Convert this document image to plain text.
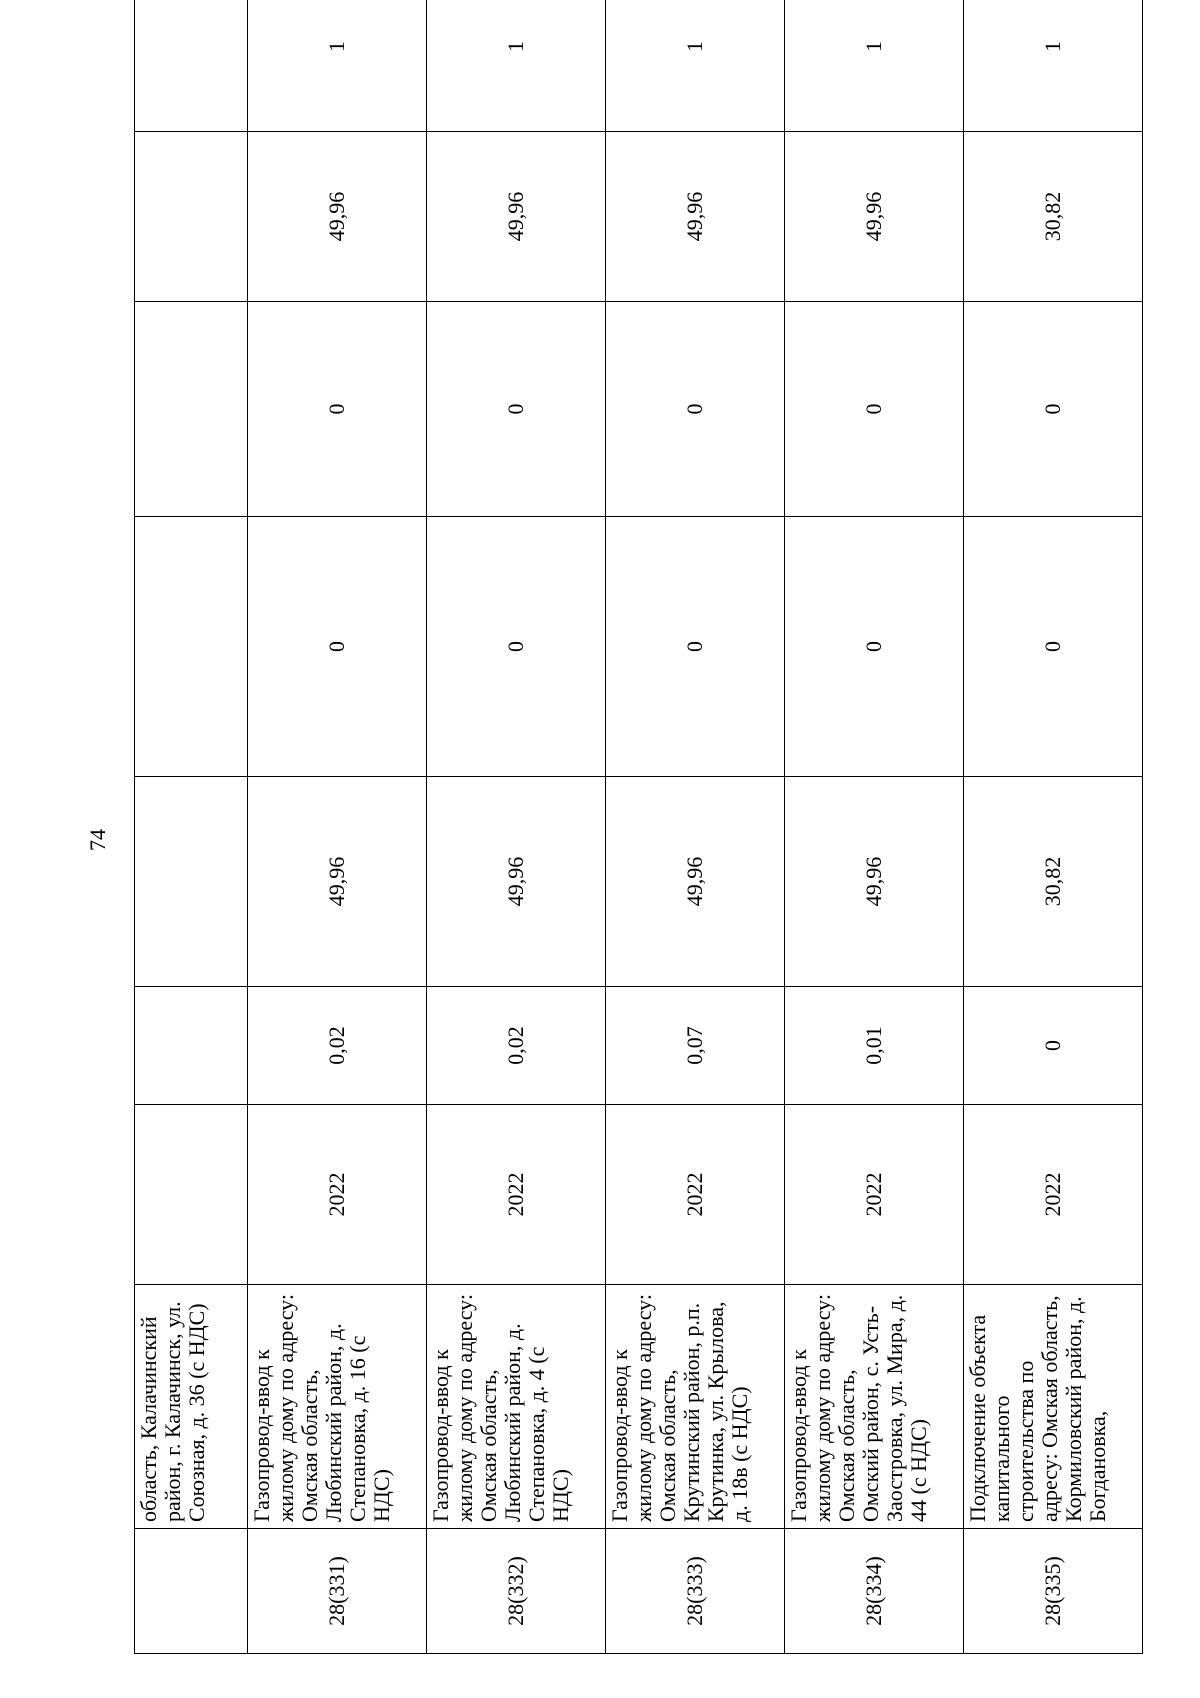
74
	область, Калачинский район, г. Калачинск, ул. Союзная, д. 36 (с НДС)									
28(331)	Газопровод-ввод к жилому дому по адресу: Омская область, Любинский район, д. Степановка, д. 16 (с НДС)	2022	0,02	49,96	0	0	49,96	1		
28(332)	Газопровод-ввод к жилому дому по адресу: Омская область, Любинский район, д. Степановка, д. 4 (с НДС)	2022	0,02	49,96	0	0	49,96	1		
28(333)	Газопровод-ввод к жилому дому по адресу: Омская область, Крутинский район, р.п. Крутинка, ул. Крылова, д. 18в (с НДС)	2022	0,07	49,96	0	0	49,96	1		
28(334)	Газопровод-ввод к жилому дому по адресу: Омская область, Омский район, с. Усть-Заостровка, ул. Мира, д. 44 (с НДС)	2022	0,01	49,96	0	0	49,96	1		
28(335)	Подключение объекта капитального строительства по адресу: Омская область, Кормиловский район, д. Богдановка,	2022	0	30,82	0	0	30,82	1		
